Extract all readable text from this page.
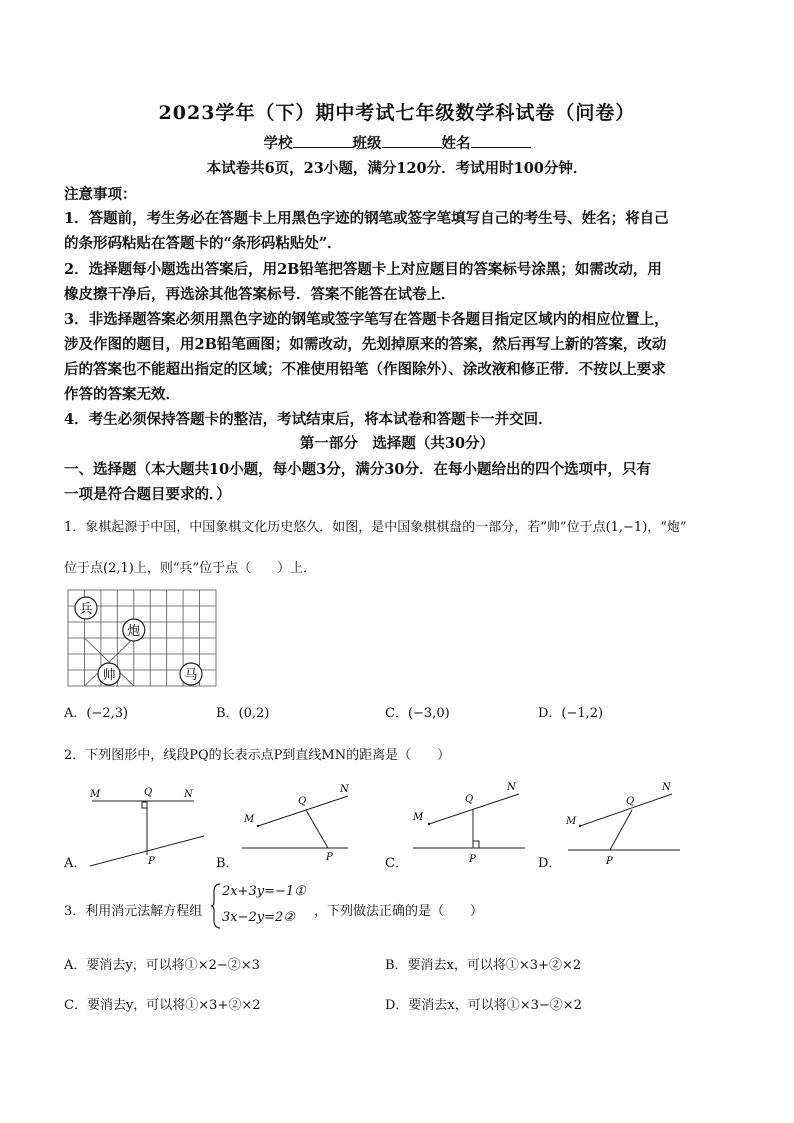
2023学年（下）期中考试七年级数学科试卷（问卷）
学校	班级	姓名
本试卷共6页，23小题，满分120分．考试用时100分钟．
注意事项：
1．答题前，考生务必在答题卡上用黑色字迹的钢笔或签字笔填写自己的考生号、姓名；将自己
的条形码粘贴在答题卡的“条形码粘贴处”．
2．选择题每小题选出答案后，用2B铅笔把答题卡上对应题目的答案标号涂黑；如需改动，用
橡皮擦干净后，再选涂其他答案标号．答案不能答在试卷上．
3．非选择题答案必须用黑色字迹的钢笔或签字笔写在答题卡各题目指定区域内的相应位置上，
涉及作图的题目，用2B铅笔画图；如需改动，先划掉原来的答案，然后再写上新的答案，改动
后的答案也不能超出指定的区域；不准使用铅笔（作图除外）、涂改液和修正带．不按以上要求
作答的答案无效．
4．考生必须保持答题卡的整洁，考试结束后，将本试卷和答题卡一并交回．
第一部分　选择题（共30分）
一、选择题（本大题共10小题，每小题3分，满分30分．在每小题给出的四个选项中，只有
一项是符合题目要求的．）
1．象棋起源于中国，中国象棋文化历史悠久．如图，是中国象棋棋盘的一部分，若“帅”位于点(1,−1)，“炮”
位于点(2,1)上，则“兵”位于点（　　）上．
兵
炮
帅	马
A．(−2,3)	B．(0,2)	C．(−3,0)	D．(−1,2)
2．下列图形中，线段PQ的长表示点P到直线MN的距离是（　　）
M	N
Q
P
A．
M
N
Q
P
B．
M
N
Q
P
C．
M
N
Q
P
D．
3．利用消元法解方程组
2x+3y=−1①
3x−2y=2② ，下列做法正确的是（　　）
A．要消去y，可以将①×2−②×3	B．要消去x，可以将①×3+②×2
C．要消去y，可以将①×3+②×2	D．要消去x，可以将①×3−②×2
